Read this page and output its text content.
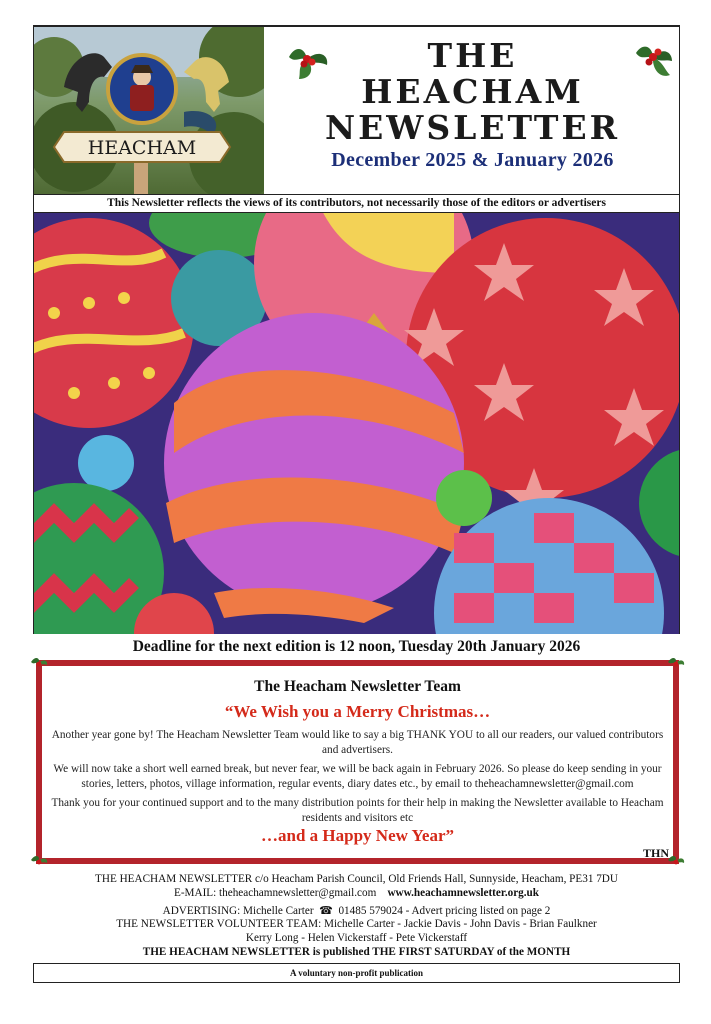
HEACHAM
THE
HEACHAM
NEWSLETTER
December 2025 & January 2026
This Newsletter reflects the views of its contributors, not necessarily those of the editors or advertisers
Deadline for the next edition is 12 noon, Tuesday 20th January 2026
The Heacham Newsletter Team
“We Wish you a Merry Christmas…
Another year gone by! The Heacham Newsletter Team would like to say a big THANK YOU to all our readers, our valued contributors and advertisers.
We will now take a short well earned break, but never fear, we will be back again in February 2026. So please do keep sending in your stories, letters, photos, village information, regular events, diary dates etc., by email to theheachamnewsletter@gmail.com
Thank you for your continued support and to the many distribution points for their help in making the Newsletter available to Heacham residents and visitors etc
…and a Happy New Year”
THN
THE HEACHAM NEWSLETTER c/o Heacham Parish Council, Old Friends Hall, Sunnyside, Heacham, PE31 7DU
E-MAIL: theheachamnewsletter@gmail.com www.heachamnewsletter.org.uk
ADVERTISING: Michelle Carter ☎ 01485 579024 - Advert pricing listed on page 2
THE NEWSLETTER VOLUNTEER TEAM: Michelle Carter - Jackie Davis - John Davis - Brian Faulkner
Kerry Long - Helen Vickerstaff - Pete Vickerstaff
THE HEACHAM NEWSLETTER is published THE FIRST SATURDAY of the MONTH
A voluntary non-profit publication
